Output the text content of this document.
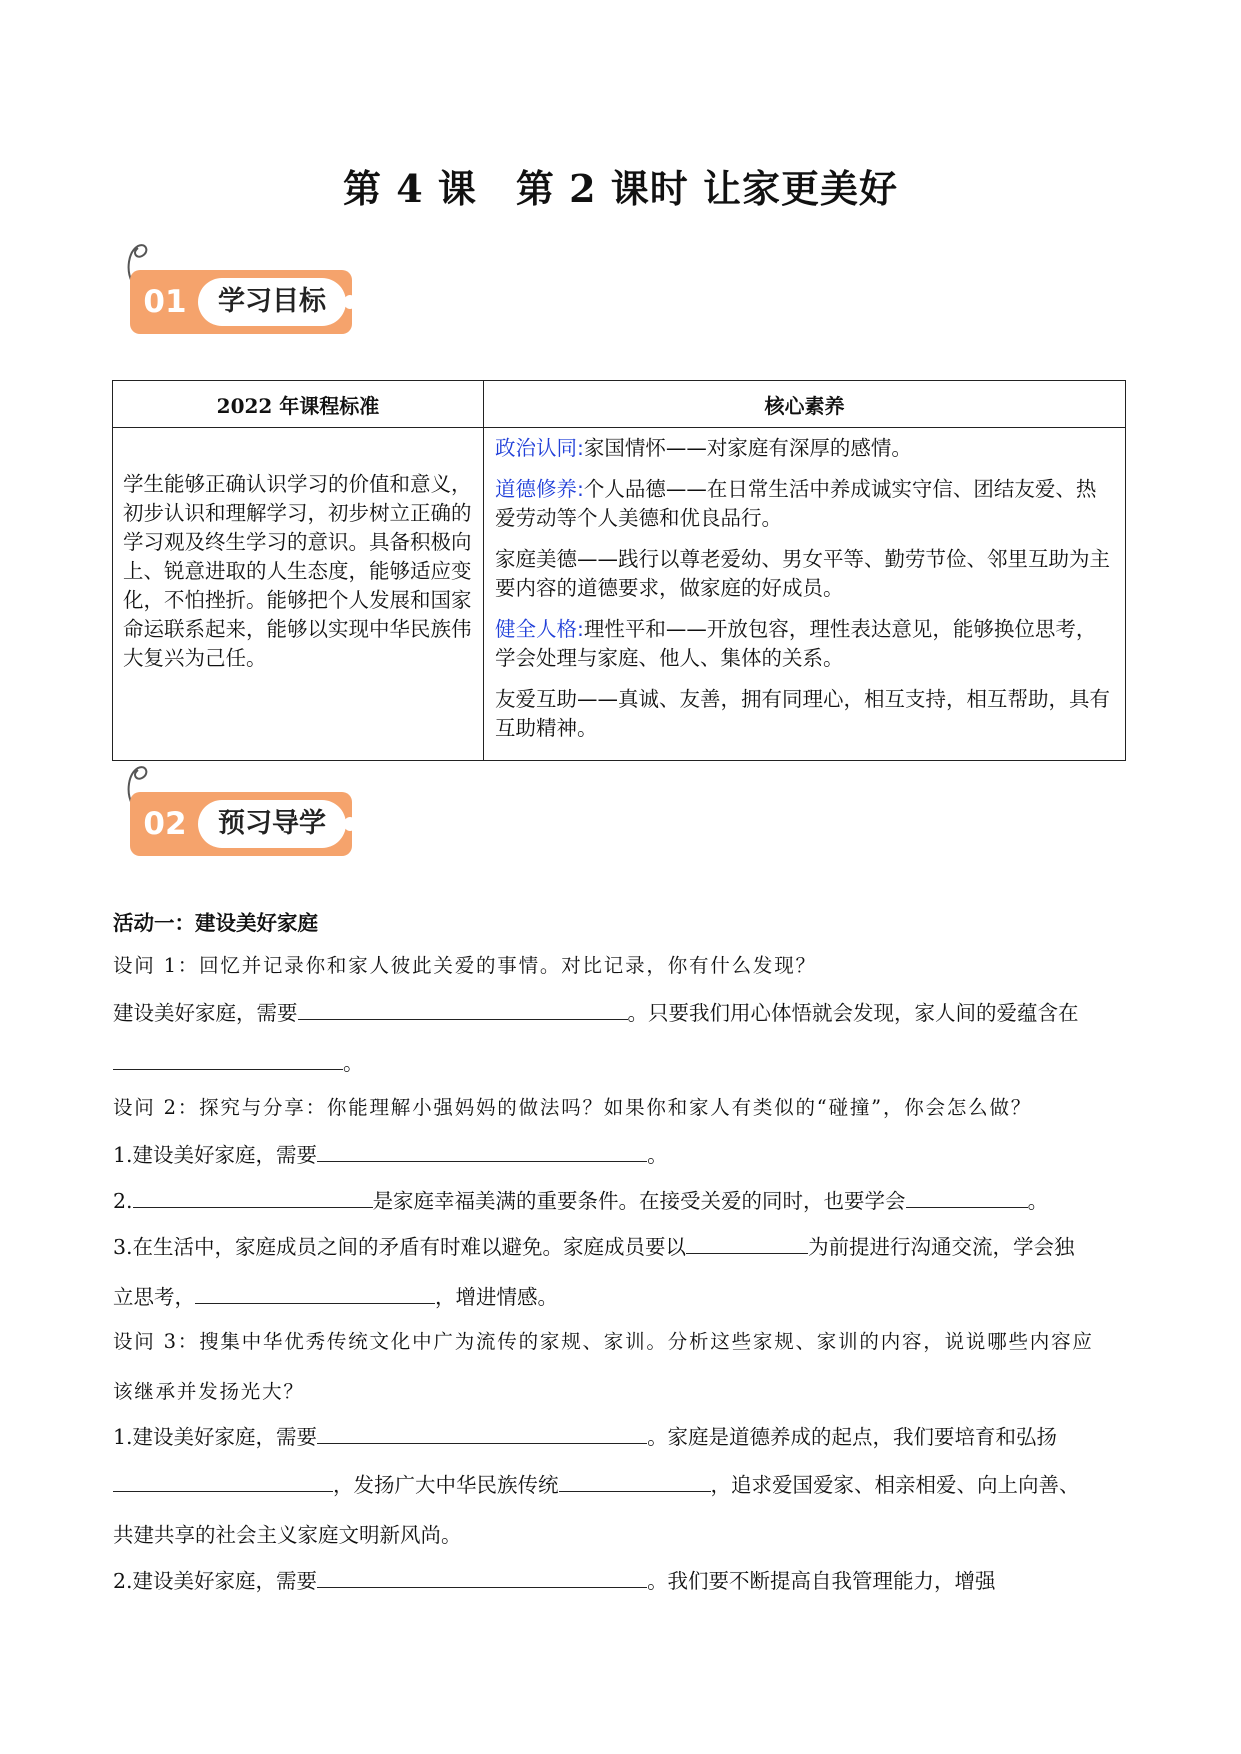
第 4 课　第 2 课时 让家更美好
01	学习目标
2022 年课程标准	核心素养
学生能够正确认识学习的价值和意义，初步认识和理解学习，初步树立正确的学习观及终生学习的意识。具备积极向上、锐意进取的人生态度，能够适应变化，不怕挫折。能够把个人发展和国家命运联系起来，能够以实现中华民族伟大复兴为己任。	政治认同:家国情怀——对家庭有深厚的感情。

道德修养:个人品德——在日常生活中养成诚实守信、团结友爱、热爱劳动等个人美德和优良品行。

家庭美德——践行以尊老爱幼、男女平等、勤劳节俭、邻里互助为主要内容的道德要求，做家庭的好成员。

健全人格:理性平和——开放包容，理性表达意见，能够换位思考，学会处理与家庭、他人、集体的关系。

友爱互助——真诚、友善，拥有同理心，相互支持，相互帮助，具有互助精神。

02	预习导学
活动一：建设美好家庭
设问 1：回忆并记录你和家人彼此关爱的事情。对比记录，你有什么发现？
建设美好家庭，需要	。只要我们用心体悟就会发现，家人间的爱蕴含在
。
设问 2：探究与分享：你能理解小强妈妈的做法吗？如果你和家人有类似的“碰撞”，你会怎么做？
1.建设美好家庭，需要	。
2.	是家庭幸福美满的重要条件。在接受关爱的同时，也要学会	。
3.在生活中，家庭成员之间的矛盾有时难以避免。家庭成员要以	为前提进行沟通交流，学会独
立思考，	，增进情感。
设问 3：搜集中华优秀传统文化中广为流传的家规、家训。分析这些家规、家训的内容，说说哪些内容应
该继承并发扬光大？
1.建设美好家庭，需要	。家庭是道德养成的起点，我们要培育和弘扬
，发扬广大中华民族传统	，追求爱国爱家、相亲相爱、向上向善、
共建共享的社会主义家庭文明新风尚。
2.建设美好家庭，需要	。我们要不断提高自我管理能力，增强
